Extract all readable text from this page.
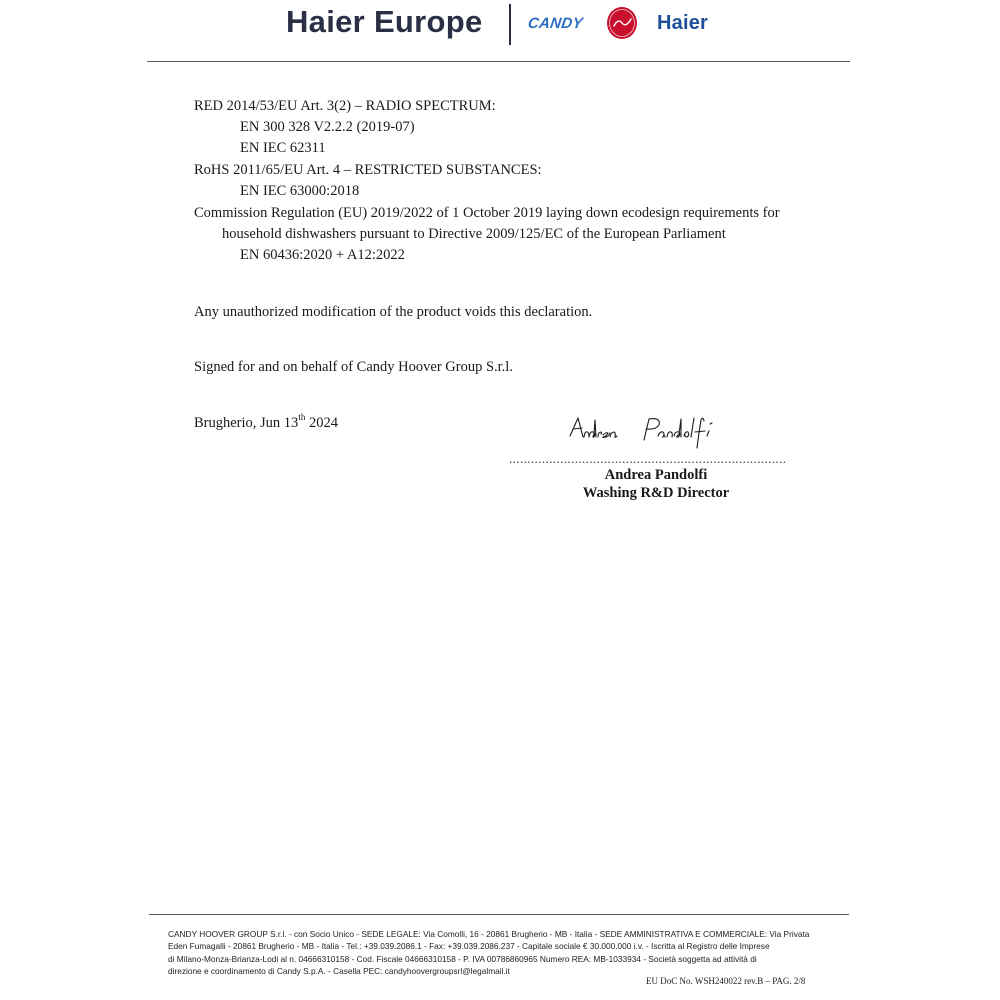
Haier Europe	CANDY	Haier
RED 2014/53/EU Art. 3(2) – RADIO SPECTRUM:
EN 300 328 V2.2.2 (2019-07)
EN IEC 62311
RoHS 2011/65/EU Art. 4 – RESTRICTED SUBSTANCES:
EN IEC 63000:2018
Commission Regulation (EU) 2019/2022 of 1 October 2019 laying down ecodesign requirements for
household dishwashers pursuant to Directive 2009/125/EC of the European Parliament
EN 60436:2020 + A12:2022
Any unauthorized modification of the product voids this declaration.
Signed for and on behalf of Candy Hoover Group S.r.l.
Brugherio, Jun 13th 2024
............................................................................
Andrea Pandolfi
Washing R&D Director
CANDY HOOVER GROUP S.r.l. - con Socio Unico - SEDE LEGALE: Via Comolli, 16 - 20861 Brugherio - MB - Italia - SEDE AMMINISTRATIVA E COMMERCIALE: Via Privata
Eden Fumagalli - 20861 Brugherio - MB - Italia - Tel.: +39.039.2086.1 - Fax: +39.039.2086.237 - Capitale sociale € 30.000.000 i.v. - Iscritta al Registro delle Imprese
di Milano-Monza-Brianza-Lodi al n. 04666310158 - Cod. Fiscale 04666310158 - P. IVA 00786860965 Numero REA: MB-1033934 - Società soggetta ad attività di
direzione e coordinamento di Candy S.p.A. - Casella PEC: candyhoovergroupsrl@legalmail.it
EU DoC No. WSH240022 rev.B – PAG. 2/8
